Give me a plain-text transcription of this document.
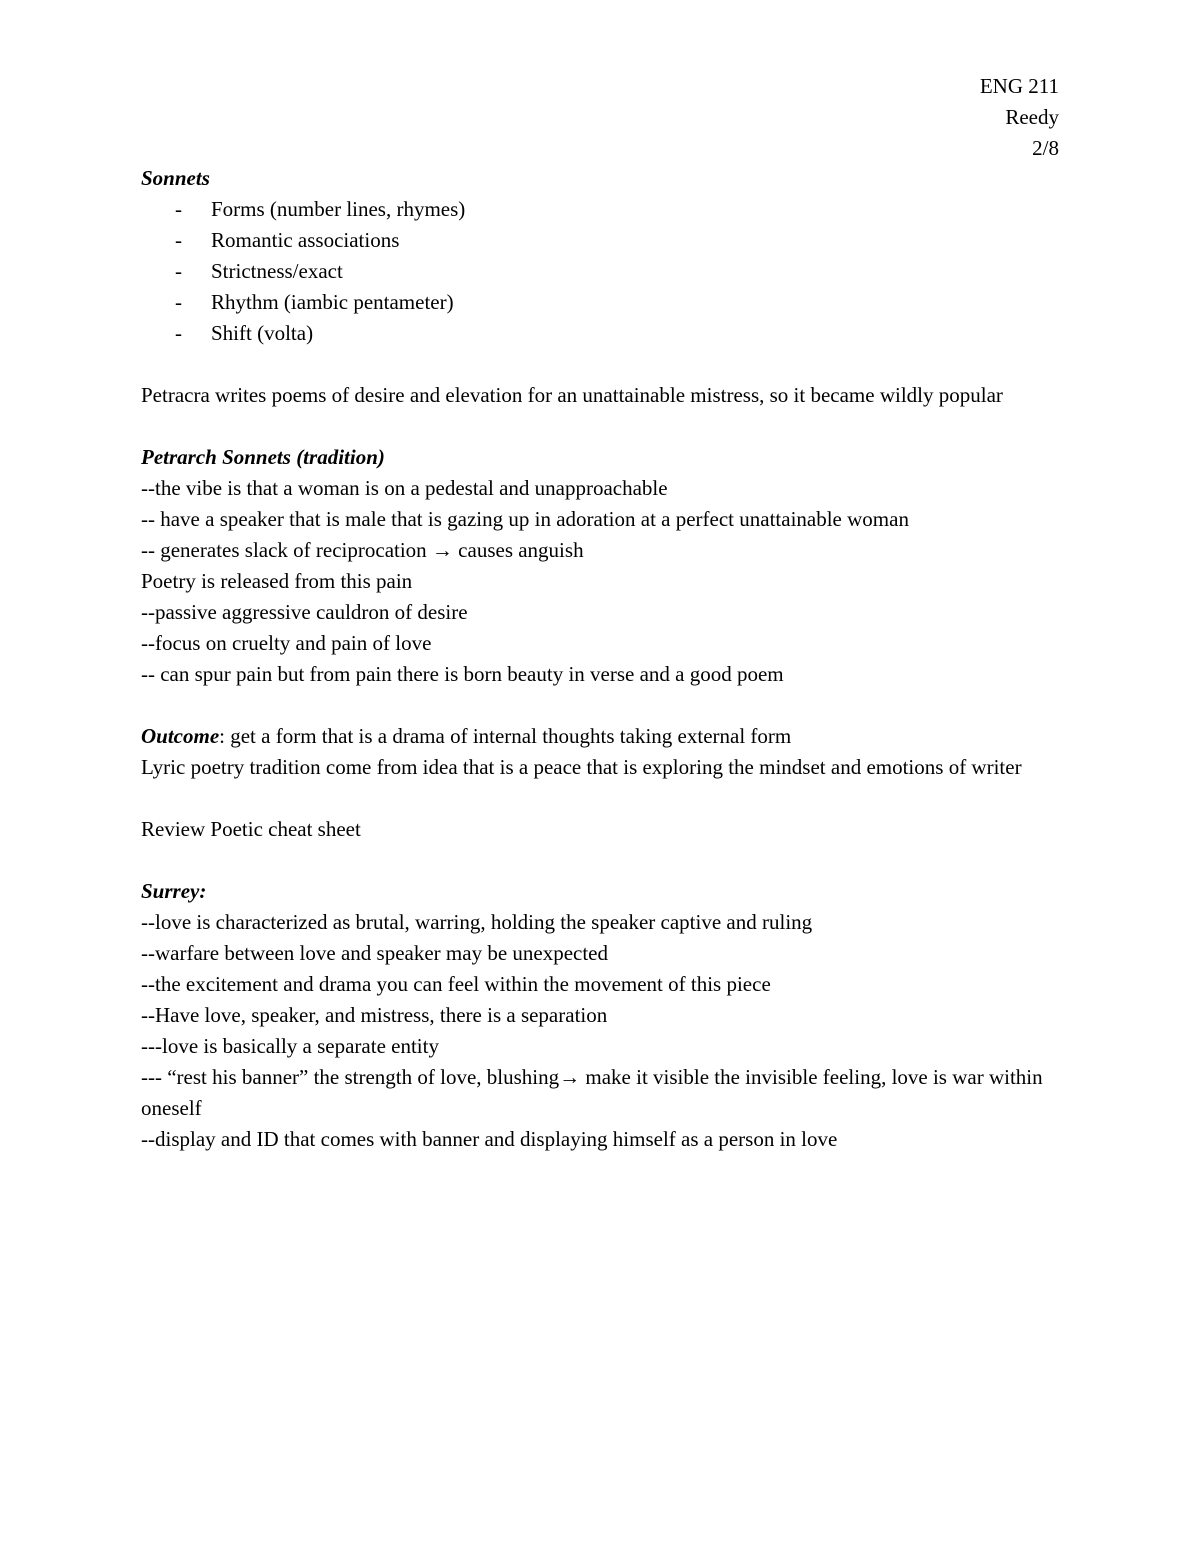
ENG 211
Reedy
2/8
Sonnets
- Forms (number lines, rhymes)
- Romantic associations
- Strictness/exact
- Rhythm (iambic pentameter)
- Shift (volta)
Petracra writes poems of desire and elevation for an unattainable mistress, so it became wildly popular
Petrarch Sonnets (tradition)
--the vibe is that a woman is on a pedestal and unapproachable
-- have a speaker that is male that is gazing up in adoration at a perfect unattainable woman
-- generates slack of reciprocation → causes anguish
Poetry is released from this pain
--passive aggressive cauldron of desire
--focus on cruelty and pain of love
-- can spur pain but from pain there is born beauty in verse and a good poem
Outcome: get a form that is a drama of internal thoughts taking external form
Lyric poetry tradition come from idea that is a peace that is exploring the mindset and emotions of writer
Review Poetic cheat sheet
Surrey:
--love is characterized as brutal, warring, holding the speaker captive and ruling
--warfare between love and speaker may be unexpected
--the excitement and drama you can feel within the movement of this piece
--Have love, speaker, and mistress, there is a separation
---love is basically a separate entity
--- “rest his banner” the strength of love, blushing→ make it visible the invisible feeling, love is war within oneself
--display and ID that comes with banner and displaying himself as a person in love
